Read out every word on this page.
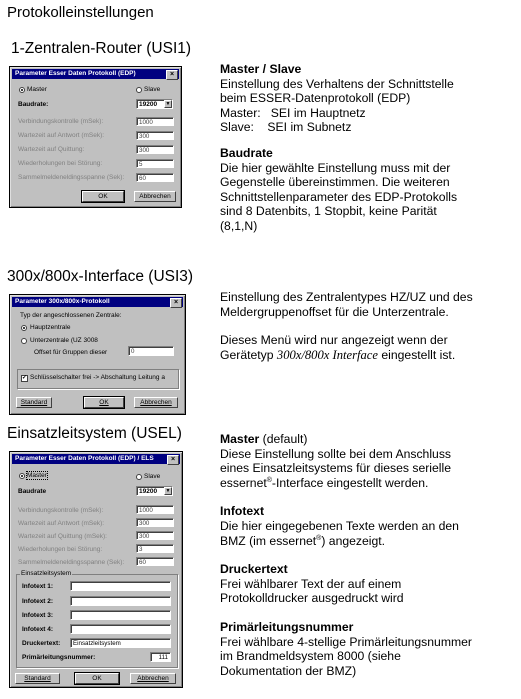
Protokolleinstellungen
1-Zentralen-Router (USI1)
Parameter Esser Daten Protokoll (EDP)	×
Master	Slave
Baudrate:	19200	▼
Verbindungskontrolle (mSek):	1000
Wartezeit auf Antwort (mSek):	300
Wartezeit auf Quittung:	300
Wiederholungen bei Störung:	5
Sammelmeldeneldingsspanne (Sek):	60
OK	Abbrechen

Master / Slave

Einstellung des Verhaltens der Schnittstelle

beim ESSER-Datenprotokoll (EDP)

Master:   SEI im Hauptnetz

Slave:    SEI im Subnetz

Baudrate

Die hier gewählte Einstellung muss mit der

Gegenstelle übereinstimmen. Die weiteren

Schnittstellenparameter des EDP-Protokolls

sind 8 Datenbits, 1 Stopbit, keine Parität

(8,1,N)

300x/800x-Interface (USI3)
Parameter 300x/800x-Protokoll	×
Typ der angeschlossenen Zentrale:
Hauptzentrale
Unterzentrale (UZ 3008
Offset für Gruppen dieser	0
✓ Schlüsselschalter frei -> Abschaltung Leitung a
Standard	OK	Abbrechen

Einstellung des Zentralentypes HZ/UZ und des

Meldergruppenoffset für die Unterzentrale.

Dieses Menü wird nur angezeigt wenn der

Gerätetyp 300x/800x Interface eingestellt ist.

Einsatzleitsystem (USEL)
Parameter Esser Daten Protokoll (EDP) / ELS	×
Master	Slave
Baudrate	19200	▼
Verbindungskontrolle (mSek):	1000
Wartezeit auf Antwort (mSek):	300
Wartezeit auf Quittung (mSek):	300
Wiederholungen bei Störung:	3
Sammelmeldeneldingsspanne (Sek):	60
Einsatzleitsystem
Infotext 1:
Infotext 2:
Infotext 3:
Infotext 4:
Druckertext:	Einsatzleitsystem
Primärleitungsnummer:	111
Standard	OK	Abbrechen

Master (default)

Diese Einstellung sollte bei dem Anschluss

eines Einsatzleitsystems für dieses serielle

essernet®-Interface eingestellt werden.

Infotext

Die hier eingegebenen Texte werden an den

BMZ (im essernet®) angezeigt.

Druckertext

Frei wählbarer Text der auf einem

Protokolldrucker ausgedruckt wird

Primärleitungsnummer

Frei wählbare 4-stellige Primärleitungsnummer

im Brandmeldsystem 8000 (siehe

Dokumentation der BMZ)
